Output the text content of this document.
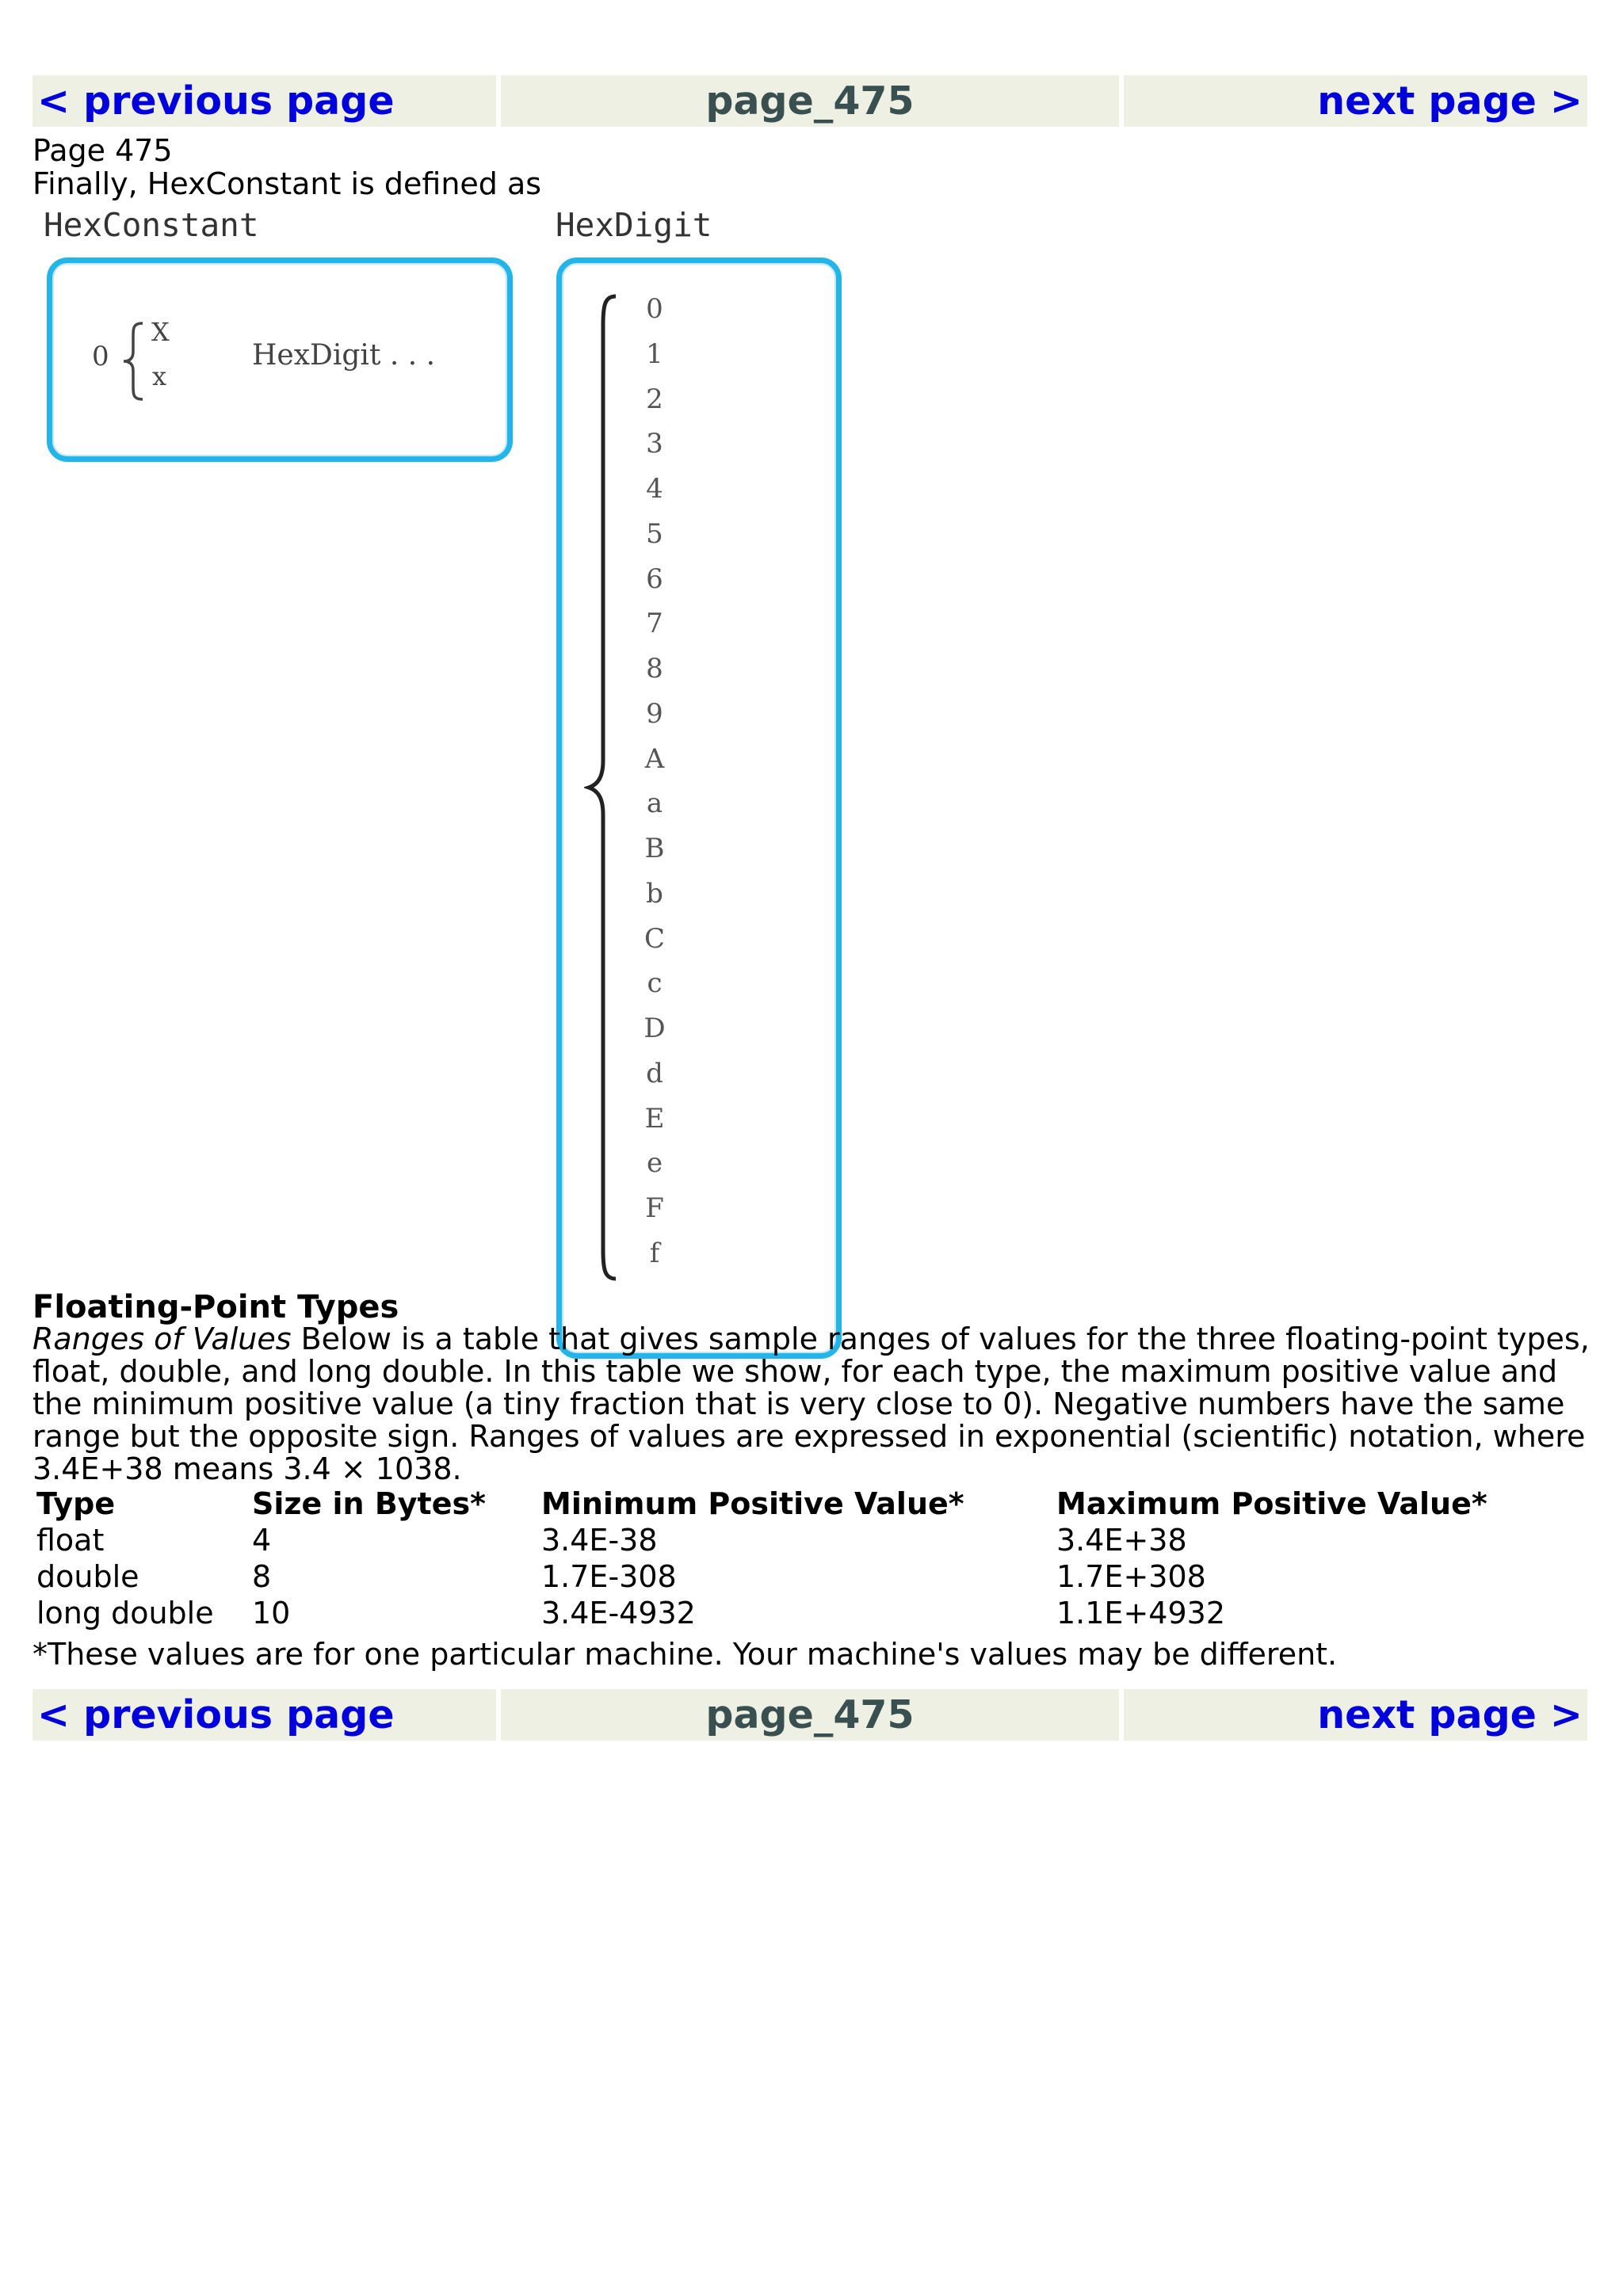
< previous page	page_475	next page >
Page 475
Finally, HexConstant is defined as
HexConstant
0
X
x
HexDigit . . .
HexDigit
0
1
2
3
4
5
6
7
8
9
A
a
B
b
C
c
D
d
E
e
F
f
Floating-Point Types
Ranges of Values Below is a table that gives sample ranges of values for the three floating-point types, float, double, and long double. In this table we show, for each type, the maximum positive value and the minimum positive value (a tiny fraction that is very close to 0). Negative numbers have the same range but the opposite sign. Ranges of values are expressed in exponential (scientific) notation, where 3.4E+38 means 3.4 × 1038.
Type	Size in Bytes*	Minimum Positive Value*	Maximum Positive Value*
float	4	3.4E-38	3.4E+38
double	8	1.7E-308	1.7E+308
long double	10	3.4E-4932	1.1E+4932
*These values are for one particular machine. Your machine's values may be different.
< previous page	page_475	next page >
